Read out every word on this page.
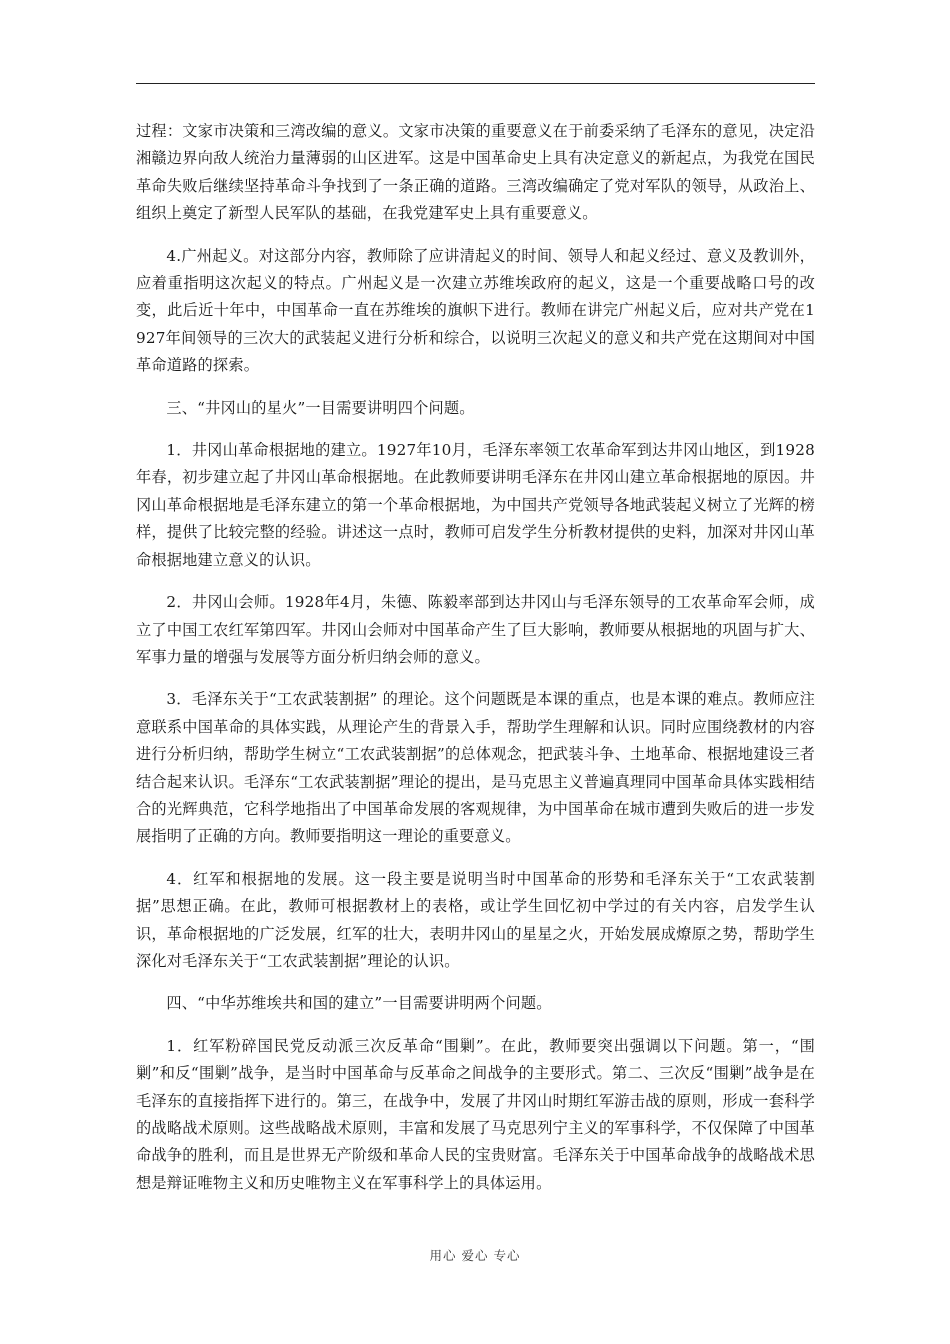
过程：文家市决策和三湾改编的意义。文家市决策的重要意义在于前委采纳了毛泽东的意见，决定沿湘赣边界向敌人统治力量薄弱的山区进军。这是中国革命史上具有决定意义的新起点，为我党在国民革命失败后继续坚持革命斗争找到了一条正确的道路。三湾改编确定了党对军队的领导，从政治上、组织上奠定了新型人民军队的基础，在我党建军史上具有重要意义。

4.广州起义。对这部分内容，教师除了应讲清起义的时间、领导人和起义经过、意义及教训外，应着重指明这次起义的特点。广州起义是一次建立苏维埃政府的起义，这是一个重要战略口号的改变，此后近十年中，中国革命一直在苏维埃的旗帜下进行。教师在讲完广州起义后，应对共产党在1927年间领导的三次大的武装起义进行分析和综合，以说明三次起义的意义和共产党在这期间对中国革命道路的探索。

三、“井冈山的星火”一目需要讲明四个问题。

1．井冈山革命根据地的建立。1927年10月，毛泽东率领工农革命军到达井冈山地区，到1928年春，初步建立起了井冈山革命根据地。在此教师要讲明毛泽东在井冈山建立革命根据地的原因。井冈山革命根据地是毛泽东建立的第一个革命根据地，为中国共产党领导各地武装起义树立了光辉的榜样，提供了比较完整的经验。讲述这一点时，教师可启发学生分析教材提供的史料，加深对井冈山革命根据地建立意义的认识。

2．井冈山会师。1928年4月，朱德、陈毅率部到达井冈山与毛泽东领导的工农革命军会师，成立了中国工农红军第四军。井冈山会师对中国革命产生了巨大影响，教师要从根据地的巩固与扩大、军事力量的增强与发展等方面分析归纳会师的意义。

3．毛泽东关于“工农武装割据” 的理论。这个问题既是本课的重点，也是本课的难点。教师应注意联系中国革命的具体实践，从理论产生的背景入手，帮助学生理解和认识。同时应围绕教材的内容进行分析归纳，帮助学生树立“工农武装割据”的总体观念，把武装斗争、土地革命、根据地建设三者结合起来认识。毛泽东“工农武装割据”理论的提出，是马克思主义普遍真理同中国革命具体实践相结合的光辉典范，它科学地指出了中国革命发展的客观规律，为中国革命在城市遭到失败后的进一步发展指明了正确的方向。教师要指明这一理论的重要意义。

4．红军和根据地的发展。这一段主要是说明当时中国革命的形势和毛泽东关于“工农武装割据”思想正确。在此，教师可根据教材上的表格，或让学生回忆初中学过的有关内容，启发学生认识，革命根据地的广泛发展，红军的壮大，表明井冈山的星星之火，开始发展成燎原之势，帮助学生深化对毛泽东关于“工农武装割据”理论的认识。

四、“中华苏维埃共和国的建立”一目需要讲明两个问题。

1．红军粉碎国民党反动派三次反革命“围剿”。在此，教师要突出强调以下问题。第一，“围剿”和反“围剿”战争，是当时中国革命与反革命之间战争的主要形式。第二、三次反“围剿”战争是在毛泽东的直接指挥下进行的。第三，在战争中，发展了井冈山时期红军游击战的原则，形成一套科学的战略战术原则。这些战略战术原则，丰富和发展了马克思列宁主义的军事科学，不仅保障了中国革命战争的胜利，而且是世界无产阶级和革命人民的宝贵财富。毛泽东关于中国革命战争的战略战术思想是辩证唯物主义和历史唯物主义在军事科学上的具体运用。

用心 爱心 专心
